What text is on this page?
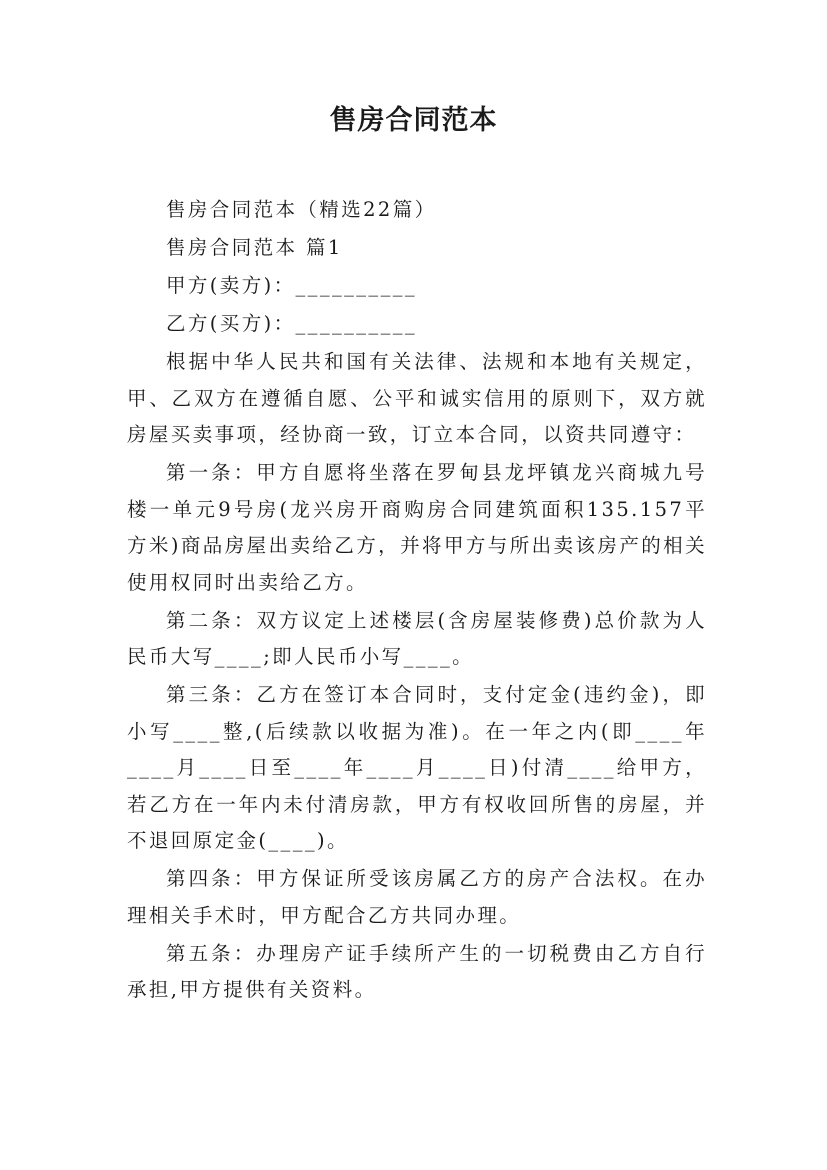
售房合同范本

售房合同范本（精选22篇）

售房合同范本 篇1

甲方(卖方)：__________

乙方(买方)：__________

根据中华人民共和国有关法律、法规和本地有关规定，甲、乙双方在遵循自愿、公平和诚实信用的原则下，双方就房屋买卖事项，经协商一致，订立本合同，以资共同遵守：

第一条：甲方自愿将坐落在罗甸县龙坪镇龙兴商城九号楼一单元9号房(龙兴房开商购房合同建筑面积135.157平方米)商品房屋出卖给乙方，并将甲方与所出卖该房产的相关使用权同时出卖给乙方。

第二条：双方议定上述楼层(含房屋装修费)总价款为人民币大写____;即人民币小写____。

第三条：乙方在签订本合同时，支付定金(违约金)，即小写____整,(后续款以收据为准)。在一年之内(即____年____月____日至____年____月____日)付清____给甲方，若乙方在一年内未付清房款，甲方有权收回所售的房屋，并不退回原定金(____)。

第四条：甲方保证所受该房属乙方的房产合法权。在办理相关手术时，甲方配合乙方共同办理。

第五条：办理房产证手续所产生的一切税费由乙方自行承担,甲方提供有关资料。
